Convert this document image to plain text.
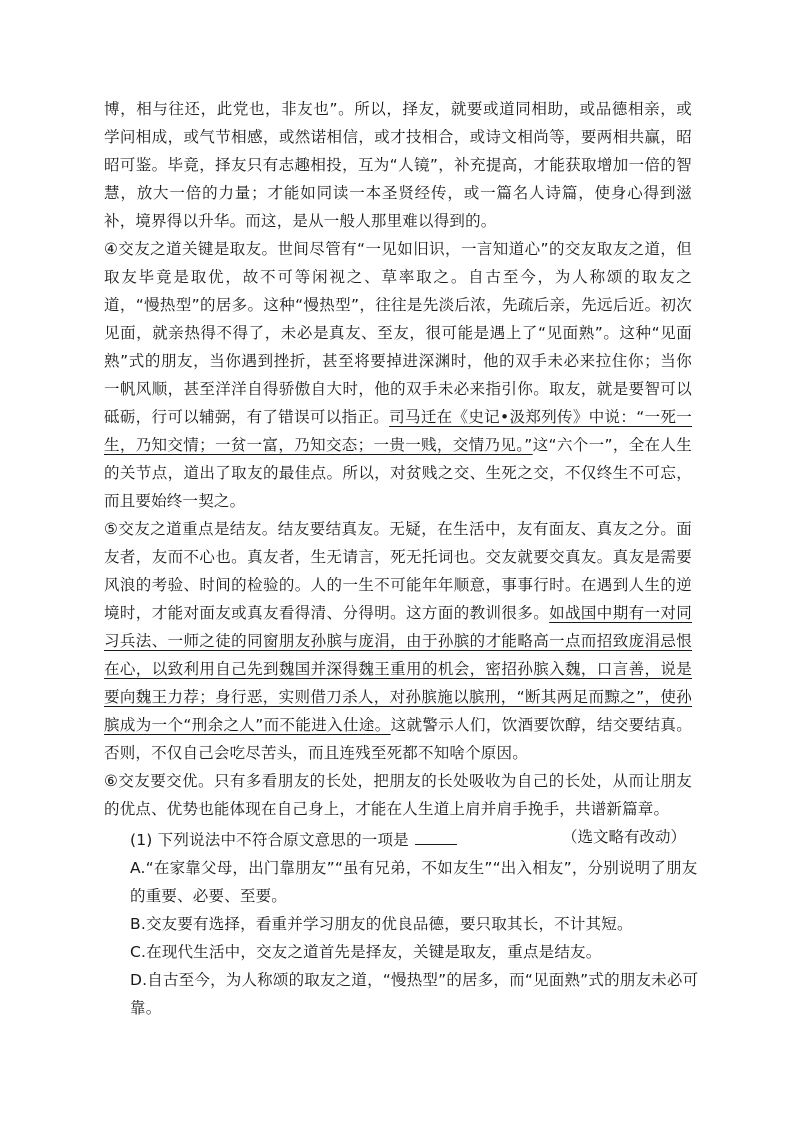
博，相与往还，此党也，非友也”。所以，择友，就要或道同相助，或品德相亲，或学问相成，或气节相感，或然诺相信，或才技相合，或诗文相尚等，要两相共赢，昭昭可鉴。毕竟，择友只有志趣相投，互为“人镜”，补充提高，才能获取增加一倍的智慧，放大一倍的力量；才能如同读一本圣贤经传，或一篇名人诗篇，使身心得到滋补，境界得以升华。而这，是从一般人那里难以得到的。

④交友之道关键是取友。世间尽管有“一见如旧识，一言知道心”的交友取友之道，但取友毕竟是取优，故不可等闲视之、草率取之。自古至今，为人称颂的取友之道，“慢热型”的居多。这种“慢热型”，往往是先淡后浓，先疏后亲，先远后近。初次见面，就亲热得不得了，未必是真友、至友，很可能是遇上了“见面熟”。这种“见面熟”式的朋友，当你遇到挫折，甚至将要掉进深渊时，他的双手未必来拉住你；当你一帆风顺，甚至洋洋自得骄傲自大时，他的双手未必来指引你。取友，就是要智可以砥砺，行可以辅弼，有了错误可以指正。司马迁在《史记•汲郑列传》中说：“一死一生，乃知交情；一贫一富，乃知交态；一贵一贱，交情乃见。”这“六个一”，全在人生的关节点，道出了取友的最佳点。所以，对贫贱之交、生死之交，不仅终生不可忘，而且要始终一契之。

⑤交友之道重点是结友。结友要结真友。无疑，在生活中，友有面友、真友之分。面友者，友而不心也。真友者，生无请言，死无托词也。交友就要交真友。真友是需要风浪的考验、时间的检验的。人的一生不可能年年顺意，事事行时。在遇到人生的逆境时，才能对面友或真友看得清、分得明。这方面的教训很多。如战国中期有一对同习兵法、一师之徒的同窗朋友孙膑与庞涓，由于孙膑的才能略高一点而招致庞涓忌恨在心，以致利用自己先到魏国并深得魏王重用的机会，密招孙膑入魏，口言善，说是要向魏王力荐；身行恶，实则借刀杀人，对孙膑施以膑刑，“断其两足而黥之”，使孙膑成为一个“刑余之人”而不能进入仕途。这就警示人们，饮酒要饮醇，结交要结真。否则，不仅自己会吃尽苦头，而且连残至死都不知啥个原因。

⑥交友要交优。只有多看朋友的长处，把朋友的长处吸收为自己的长处，从而让朋友的优点、优势也能体现在自己身上，才能在人生道上肩并肩手挽手，共谱新篇章。

（选文略有改动）

(1) 下列说法中不符合原文意思的一项是

A.“在家靠父母，出门靠朋友”“虽有兄弟，不如友生”“出入相友”，分别说明了朋友的重要、必要、至要。

B.交友要有选择，看重并学习朋友的优良品德，要只取其长，不计其短。

C.在现代生活中，交友之道首先是择友，关键是取友，重点是结友。

D.自古至今，为人称颂的取友之道，“慢热型”的居多，而“见面熟”式的朋友未必可靠。
